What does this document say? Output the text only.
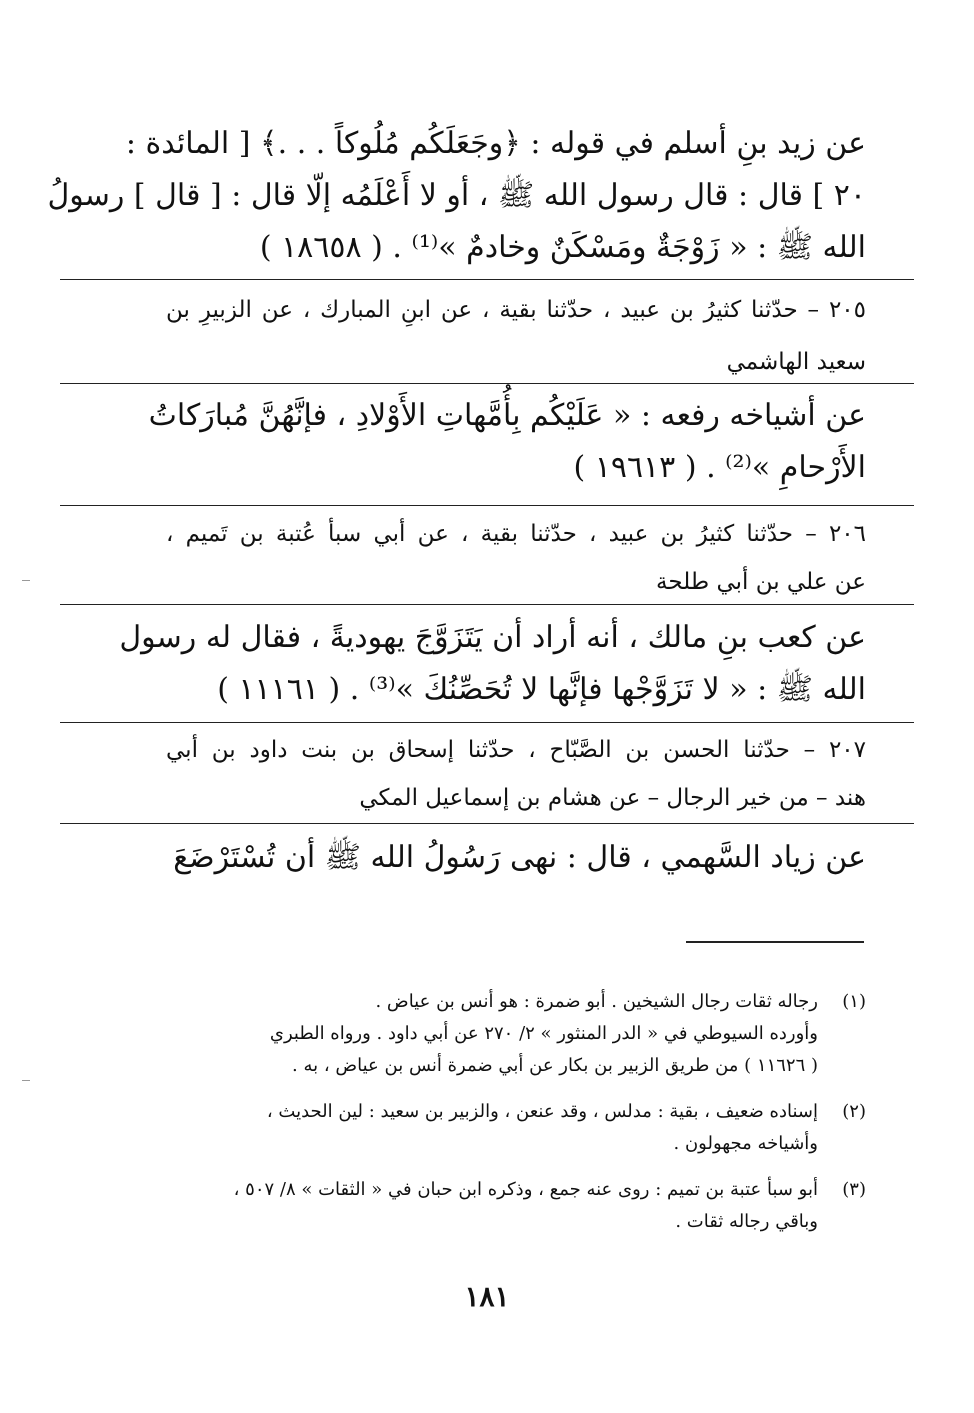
عن زيد بنِ أسلم في قوله : ﴿وجَعَلَكُم مُلُوكاً . . .﴾ [ المائدة :
٢٠ ] قال : قال رسول الله ﷺ ، أو لا أَعْلَمُه إلّا قال : [ قال ] رسولُ
الله ﷺ : « زَوْجَةٌ ومَسْكَنٌ وخادمٌ »⁽¹⁾ . ( ١٨٦٥٨ )
٢٠٥ – حدّثنا كثيرُ بن عبيد ، حدّثنا بقية ، عن ابنِ المبارك ، عن الزبيرِ بن
سعيد الهاشمي
عن أشياخه رفعه : « عَلَيْكُم بِأُمَّهاتِ الأَوْلادِ ، فإنَّهُنَّ مُبارَكاتُ
الأَرْحامِ »⁽²⁾ . ( ١٩٦١٣ )
٢٠٦ – حدّثنا كثيرُ بن عبيد ، حدّثنا بقية ، عن أبي سبأ عُتبة بن تَميم ،
عن علي بن أبي طلحة
عن كعب بنِ مالك ، أنه أراد أن يَتَزَوَّجَ يهوديةً ، فقال له رسول
الله ﷺ : « لا تَزَوَّجْها فإنَّها لا تُحَصِّنُكَ »⁽³⁾ . ( ١١١٦١ )
٢٠٧ – حدّثنا الحسن بن الصَّبّاح ، حدّثنا إسحاق بن بنت داود بن أبي
هند – من خير الرجال – عن هشام بن إسماعيل المكي
عن زياد السَّهمي ، قال : نهى رَسُولُ الله ﷺ أن تُسْتَرْضَعَ
(١)رجاله ثقات رجال الشيخين . أبو ضمرة : هو أنس بن عياض .
وأورده السيوطي في « الدر المنثور » ٢/ ٢٧٠ عن أبي داود . ورواه الطبري
( ١١٦٢٦ ) من طريق الزبير بن بكار عن أبي ضمرة أنس بن عياض ، به .
(٢)إسناده ضعيف ، بقية : مدلس ، وقد عنعن ، والزبير بن سعيد : لين الحديث ،
وأشياخه مجهولون .
(٣)أبو سبأ عتبة بن تميم : روى عنه جمع ، وذكره ابن حبان في « الثقات » ٨/ ٥٠٧ ،
وباقي رجاله ثقات .
١٨١
